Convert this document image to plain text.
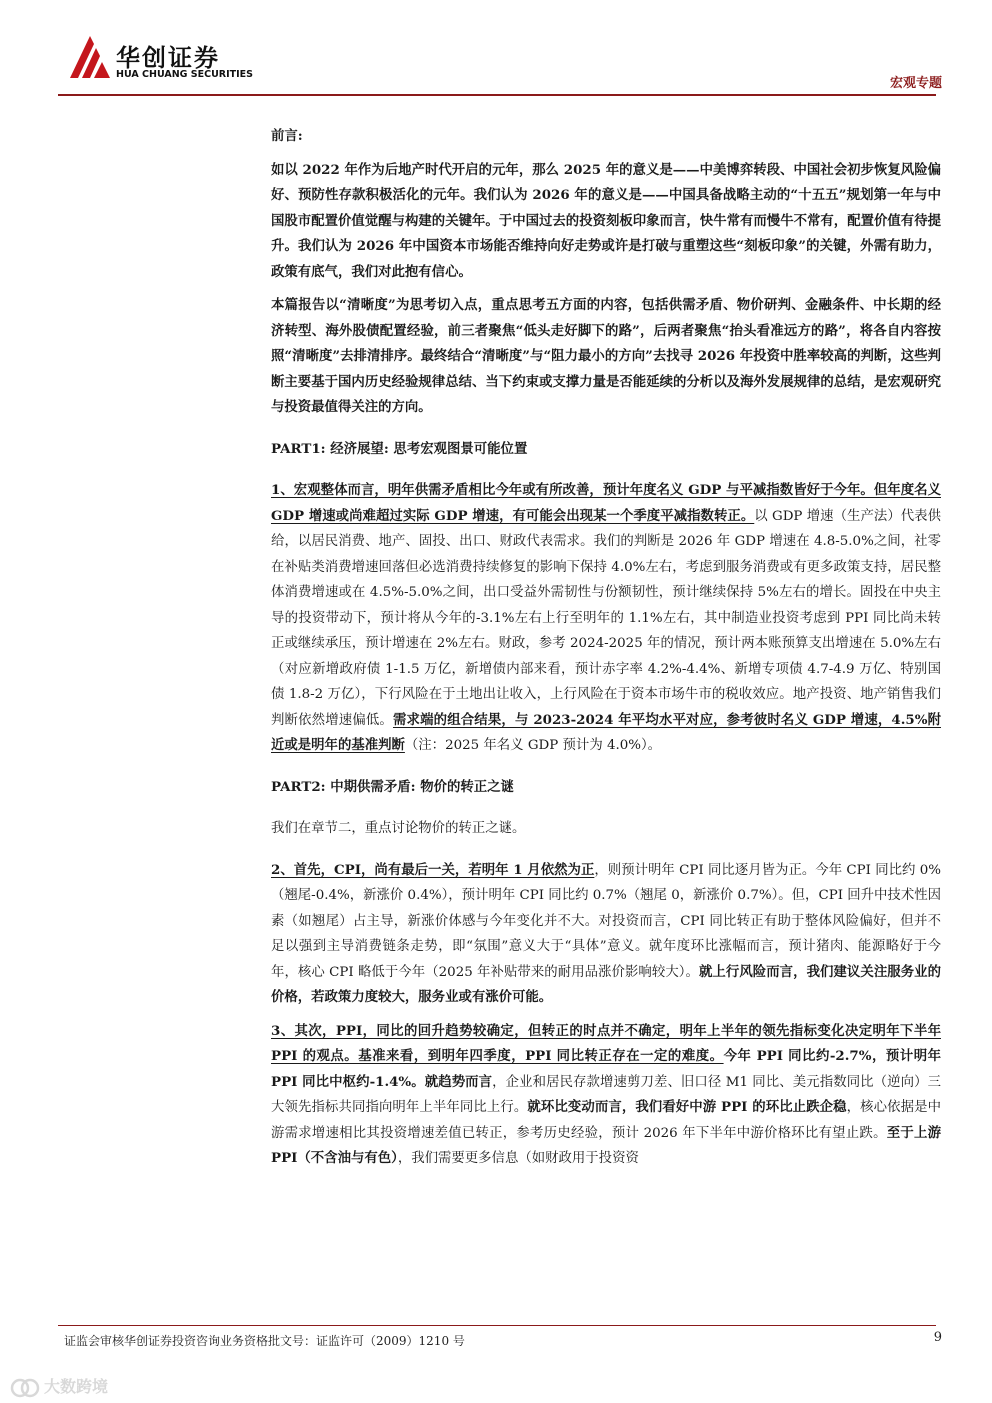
华创证券
HUA CHUANG SECURITIES
宏观专题

前言:

如以 2022 年作为后地产时代开启的元年，那么 2025 年的意义是——中美博弈转段、中国社会初步恢复风险偏好、预防性存款积极活化的元年。我们认为 2026 年的意义是——中国具备战略主动的“十五五”规划第一年与中国股市配置价值觉醒与构建的关键年。于中国过去的投资刻板印象而言，快牛常有而慢牛不常有，配置价值有待提升。我们认为 2026 年中国资本市场能否维持向好走势或许是打破与重塑这些“刻板印象”的关键，外需有助力，政策有底气，我们对此抱有信心。

本篇报告以“清晰度”为思考切入点，重点思考五方面的内容，包括供需矛盾、物价研判、金融条件、中长期的经济转型、海外股债配置经验，前三者聚焦“低头走好脚下的路”，后两者聚焦“抬头看准远方的路”，将各自内容按照“清晰度”去排清排序。最终结合“清晰度”与“阻力最小的方向”去找寻 2026 年投资中胜率较高的判断，这些判断主要基于国内历史经验规律总结、当下约束或支撑力量是否能延续的分析以及海外发展规律的总结，是宏观研究与投资最值得关注的方向。

PART1: 经济展望: 思考宏观图景可能位置

1、宏观整体而言，明年供需矛盾相比今年或有所改善，预计年度名义 GDP 与平减指数皆好于今年。但年度名义 GDP 增速或尚难超过实际 GDP 增速，有可能会出现某一个季度平减指数转正。以 GDP 增速（生产法）代表供给，以居民消费、地产、固投、出口、财政代表需求。我们的判断是 2026 年 GDP 增速在 4.8-5.0%之间，社零在补贴类消费增速回落但必选消费持续修复的影响下保持 4.0%左右，考虑到服务消费或有更多政策支持，居民整体消费增速或在 4.5%-5.0%之间，出口受益外需韧性与份额韧性，预计继续保持 5%左右的增长。固投在中央主导的投资带动下，预计将从今年的-3.1%左右上行至明年的 1.1%左右，其中制造业投资考虑到 PPI 同比尚未转正或继续承压，预计增速在 2%左右。财政，参考 2024-2025 年的情况，预计两本账预算支出增速在 5.0%左右（对应新增政府债 1-1.5 万亿，新增债内部来看，预计赤字率 4.2%-4.4%、新增专项债 4.7-4.9 万亿、特别国债 1.8-2 万亿），下行风险在于土地出让收入，上行风险在于资本市场牛市的税收效应。地产投资、地产销售我们判断依然增速偏低。需求端的组合结果，与 2023-2024 年平均水平对应，参考彼时名义 GDP 增速，4.5%附近或是明年的基准判断（注：2025 年名义 GDP 预计为 4.0%）。

PART2: 中期供需矛盾: 物价的转正之谜

我们在章节二，重点讨论物价的转正之谜。

2、首先，CPI，尚有最后一关，若明年 1 月依然为正，则预计明年 CPI 同比逐月皆为正。今年 CPI 同比约 0%（翘尾-0.4%，新涨价 0.4%），预计明年 CPI 同比约 0.7%（翘尾 0，新涨价 0.7%）。但，CPI 回升中技术性因素（如翘尾）占主导，新涨价体感与今年变化并不大。对投资而言，CPI 同比转正有助于整体风险偏好，但并不足以强到主导消费链条走势，即“氛围”意义大于“具体”意义。就年度环比涨幅而言，预计猪肉、能源略好于今年，核心 CPI 略低于今年（2025 年补贴带来的耐用品涨价影响较大）。就上行风险而言，我们建议关注服务业的价格，若政策力度较大，服务业或有涨价可能。

3、其次，PPI，同比的回升趋势较确定，但转正的时点并不确定，明年上半年的领先指标变化决定明年下半年 PPI 的观点。基准来看，到明年四季度，PPI 同比转正存在一定的难度。今年 PPI 同比约-2.7%，预计明年 PPI 同比中枢约-1.4%。就趋势而言，企业和居民存款增速剪刀差、旧口径 M1 同比、美元指数同比（逆向）三大领先指标共同指向明年上半年同比上行。就环比变动而言，我们看好中游 PPI 的环比止跌企稳，核心依据是中游需求增速相比其投资增速差值已转正，参考历史经验，预计 2026 年下半年中游价格环比有望止跌。至于上游 PPI（不含油与有色），我们需要更多信息（如财政用于投资资

证监会审核华创证券投资咨询业务资格批文号：证监许可（2009）1210 号	9
大数跨境
